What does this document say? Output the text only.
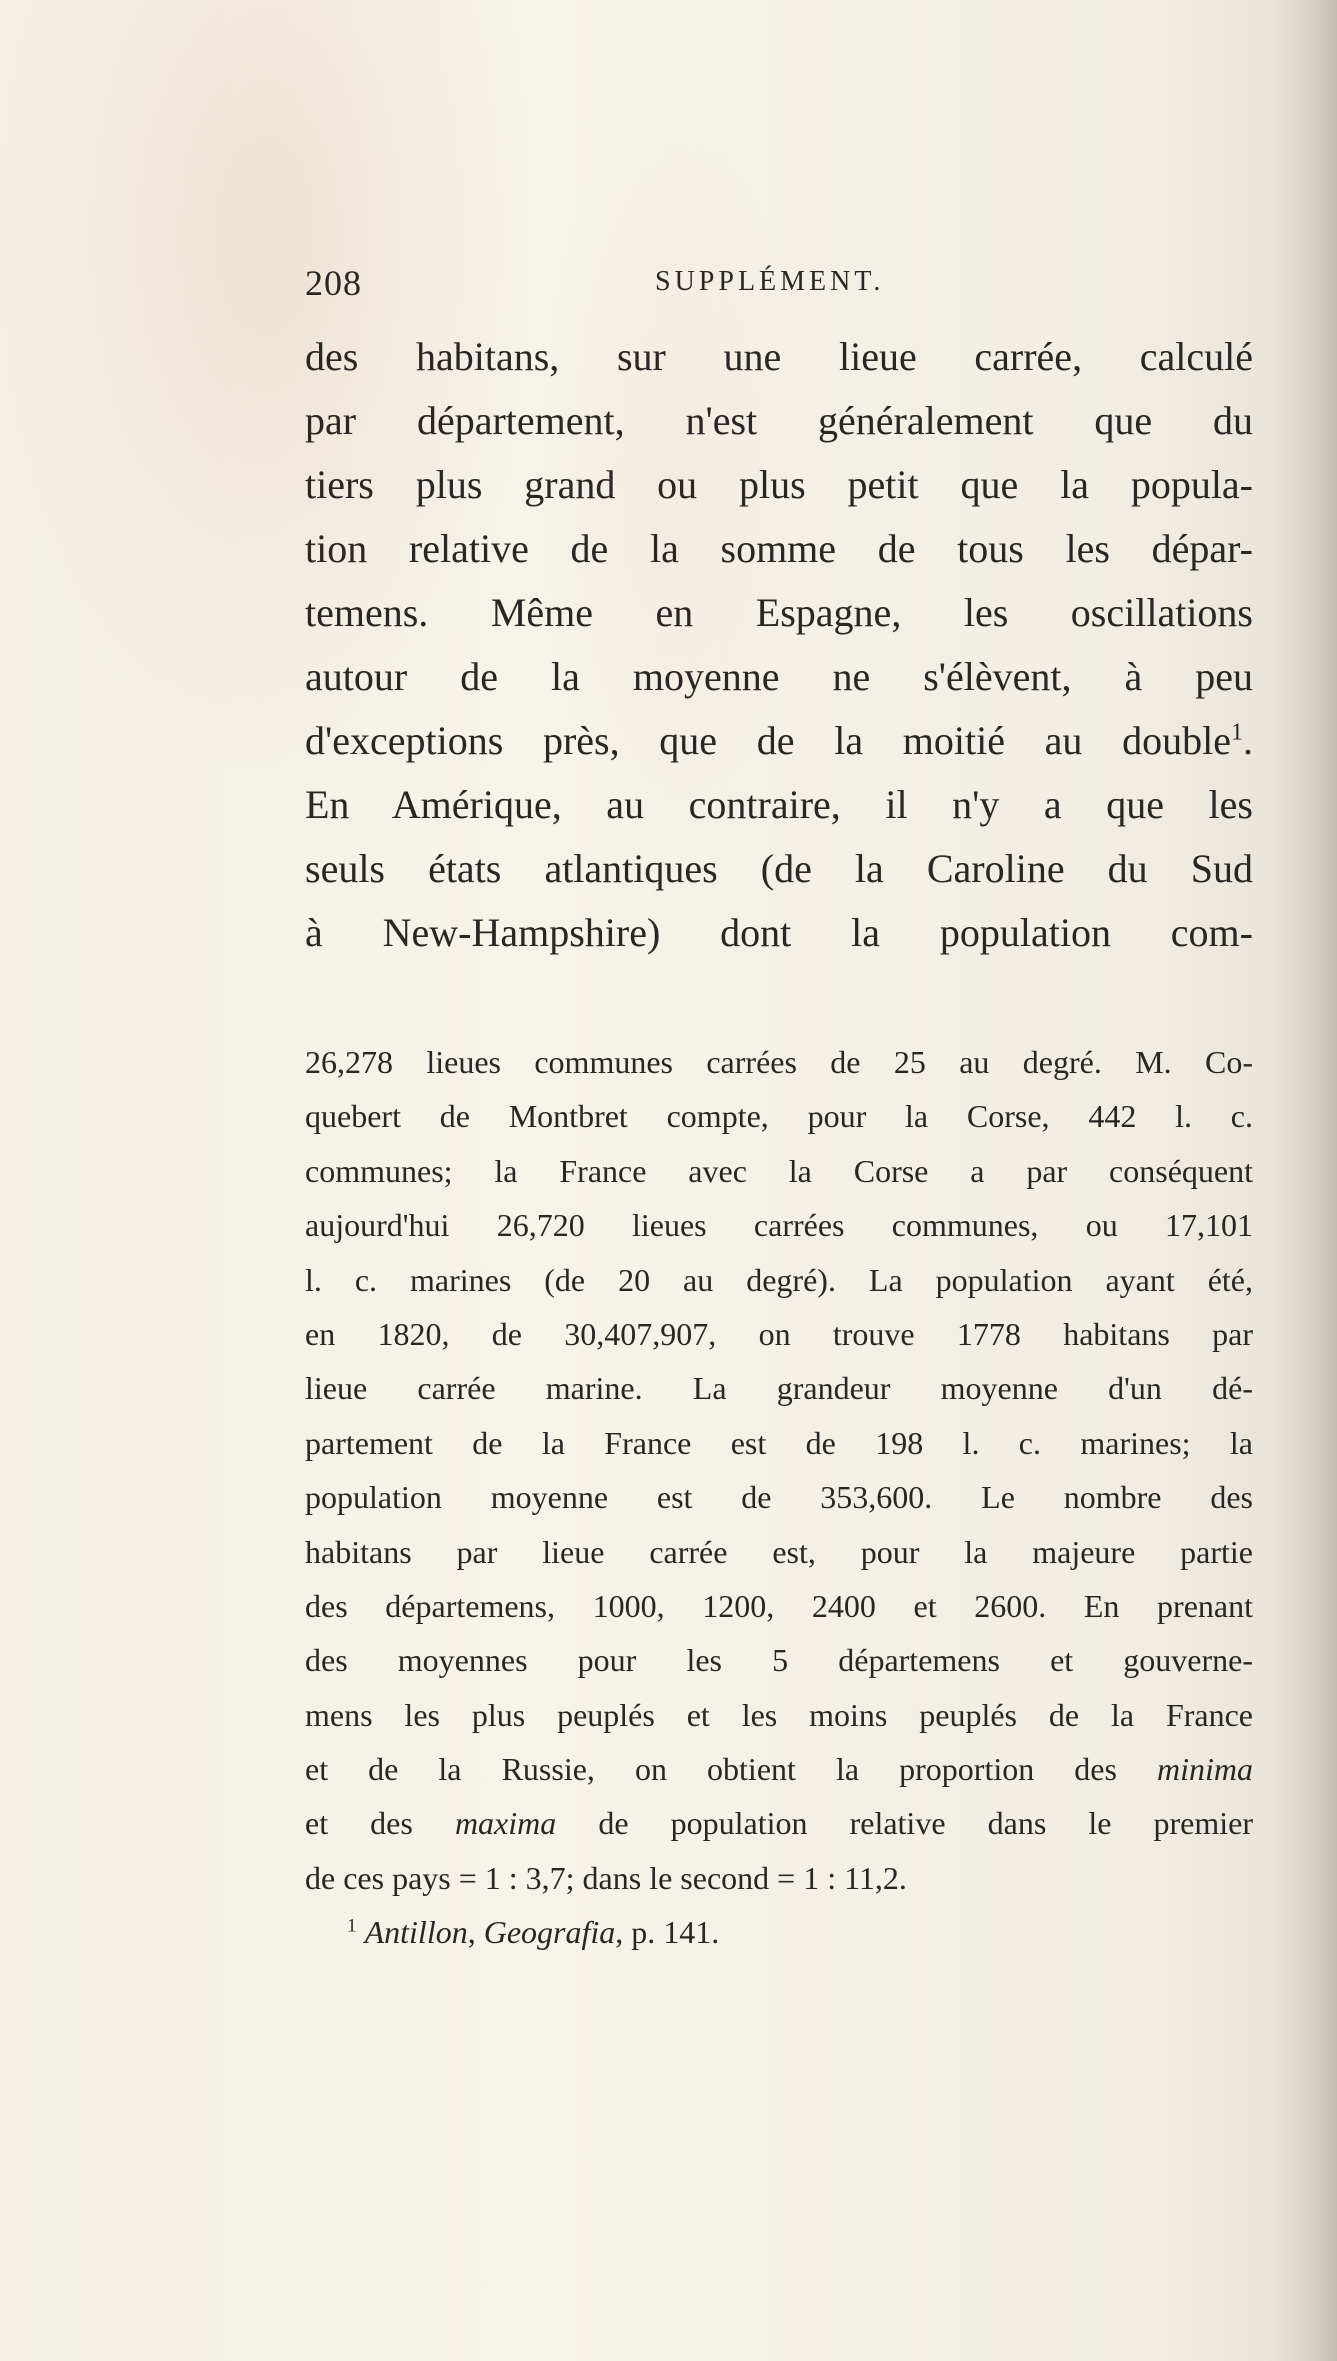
208	SUPPLÉMENT.
des habitans, sur une lieue carrée, calculé
par département, n'est généralement que du
tiers plus grand ou plus petit que la popula-
tion relative de la somme de tous les dépar-
temens. Même en Espagne, les oscillations
autour de la moyenne ne s'élèvent, à peu
d'exceptions près, que de la moitié au double$^1$.
En Amérique, au contraire, il n'y a que les
seuls états atlantiques (de la Caroline du Sud
à New-Hampshire) dont la population com-
26,278 lieues communes carrées de 25 au degré. M. Co-
quebert de Montbret compte, pour la Corse, 442 l. c.
communes; la France avec la Corse a par conséquent
aujourd'hui 26,720 lieues carrées communes, ou 17,101
l. c. marines (de 20 au degré). La population ayant été,
en 1820, de 30,407,907, on trouve 1778 habitans par
lieue carrée marine. La grandeur moyenne d'un dé-
partement de la France est de 198 l. c. marines; la
population moyenne est de 353,600. Le nombre des
habitans par lieue carrée est, pour la majeure partie
des départemens, 1000, 1200, 2400 et 2600. En prenant
des moyennes pour les 5 départemens et gouverne-
mens les plus peuplés et les moins peuplés de la France
et de la Russie, on obtient la proportion des minima
et des maxima de population relative dans le premier
de ces pays = 1 : 3,7; dans le second = 1 : 11,2.
$^1$ Antillon, Geografia, p. 141.
